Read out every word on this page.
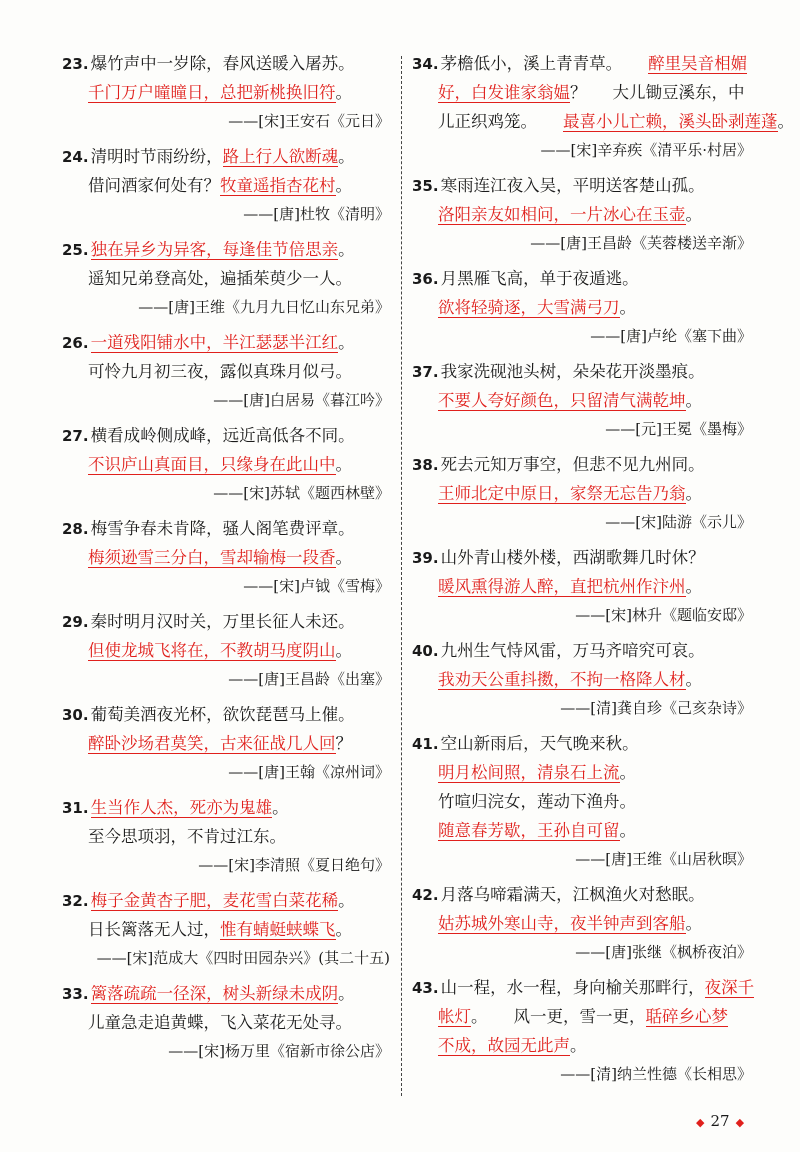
23. 爆竹声中一岁除，春风送暖入屠苏。
千门万户曈曈日，总把新桃换旧符。
——[宋]王安石《元日》
24. 清明时节雨纷纷，路上行人欲断魂。
借问酒家何处有？牧童遥指杏花村。
——[唐]杜牧《清明》
25. 独在异乡为异客，每逢佳节倍思亲。
遥知兄弟登高处，遍插茱萸少一人。
——[唐]王维《九月九日忆山东兄弟》
26. 一道残阳铺水中，半江瑟瑟半江红。
可怜九月初三夜，露似真珠月似弓。
——[唐]白居易《暮江吟》
27. 横看成岭侧成峰，远近高低各不同。
不识庐山真面目，只缘身在此山中。
——[宋]苏轼《题西林壁》
28. 梅雪争春未肯降，骚人阁笔费评章。
梅须逊雪三分白，雪却输梅一段香。
——[宋]卢钺《雪梅》
29. 秦时明月汉时关，万里长征人未还。
但使龙城飞将在，不教胡马度阴山。
——[唐]王昌龄《出塞》
30. 葡萄美酒夜光杯，欲饮琵琶马上催。
醉卧沙场君莫笑，古来征战几人回？
——[唐]王翰《凉州词》
31. 生当作人杰，死亦为鬼雄。
至今思项羽，不肯过江东。
——[宋]李清照《夏日绝句》
32. 梅子金黄杏子肥，麦花雪白菜花稀。
日长篱落无人过，惟有蜻蜓蛱蝶飞。
——[宋]范成大《四时田园杂兴》(其二十五)
33. 篱落疏疏一径深，树头新绿未成阴。
儿童急走追黄蝶，飞入菜花无处寻。
——[宋]杨万里《宿新市徐公店》
34. 茅檐低小，溪上青青草。 醉里吴音相媚
好，白发谁家翁媪？ 大儿锄豆溪东，中
儿正织鸡笼。 最喜小儿亡赖，溪头卧剥莲蓬。
——[宋]辛弃疾《清平乐·村居》
35. 寒雨连江夜入吴，平明送客楚山孤。
洛阳亲友如相问，一片冰心在玉壶。
——[唐]王昌龄《芙蓉楼送辛渐》
36. 月黑雁飞高，单于夜遁逃。
欲将轻骑逐，大雪满弓刀。
——[唐]卢纶《塞下曲》
37. 我家洗砚池头树，朵朵花开淡墨痕。
不要人夸好颜色，只留清气满乾坤。
——[元]王冕《墨梅》
38. 死去元知万事空，但悲不见九州同。
王师北定中原日，家祭无忘告乃翁。
——[宋]陆游《示儿》
39. 山外青山楼外楼，西湖歌舞几时休？
暖风熏得游人醉，直把杭州作汴州。
——[宋]林升《题临安邸》
40. 九州生气恃风雷，万马齐喑究可哀。
我劝天公重抖擞，不拘一格降人材。
——[清]龚自珍《己亥杂诗》
41. 空山新雨后，天气晚来秋。
明月松间照，清泉石上流。
竹喧归浣女，莲动下渔舟。
随意春芳歇，王孙自可留。
——[唐]王维《山居秋暝》
42. 月落乌啼霜满天，江枫渔火对愁眠。
姑苏城外寒山寺，夜半钟声到客船。
——[唐]张继《枫桥夜泊》
43. 山一程，水一程，身向榆关那畔行，夜深千
帐灯。 风一更，雪一更，聒碎乡心梦
不成，故园无此声。
——[清]纳兰性德《长相思》
◆ 27 ◆
